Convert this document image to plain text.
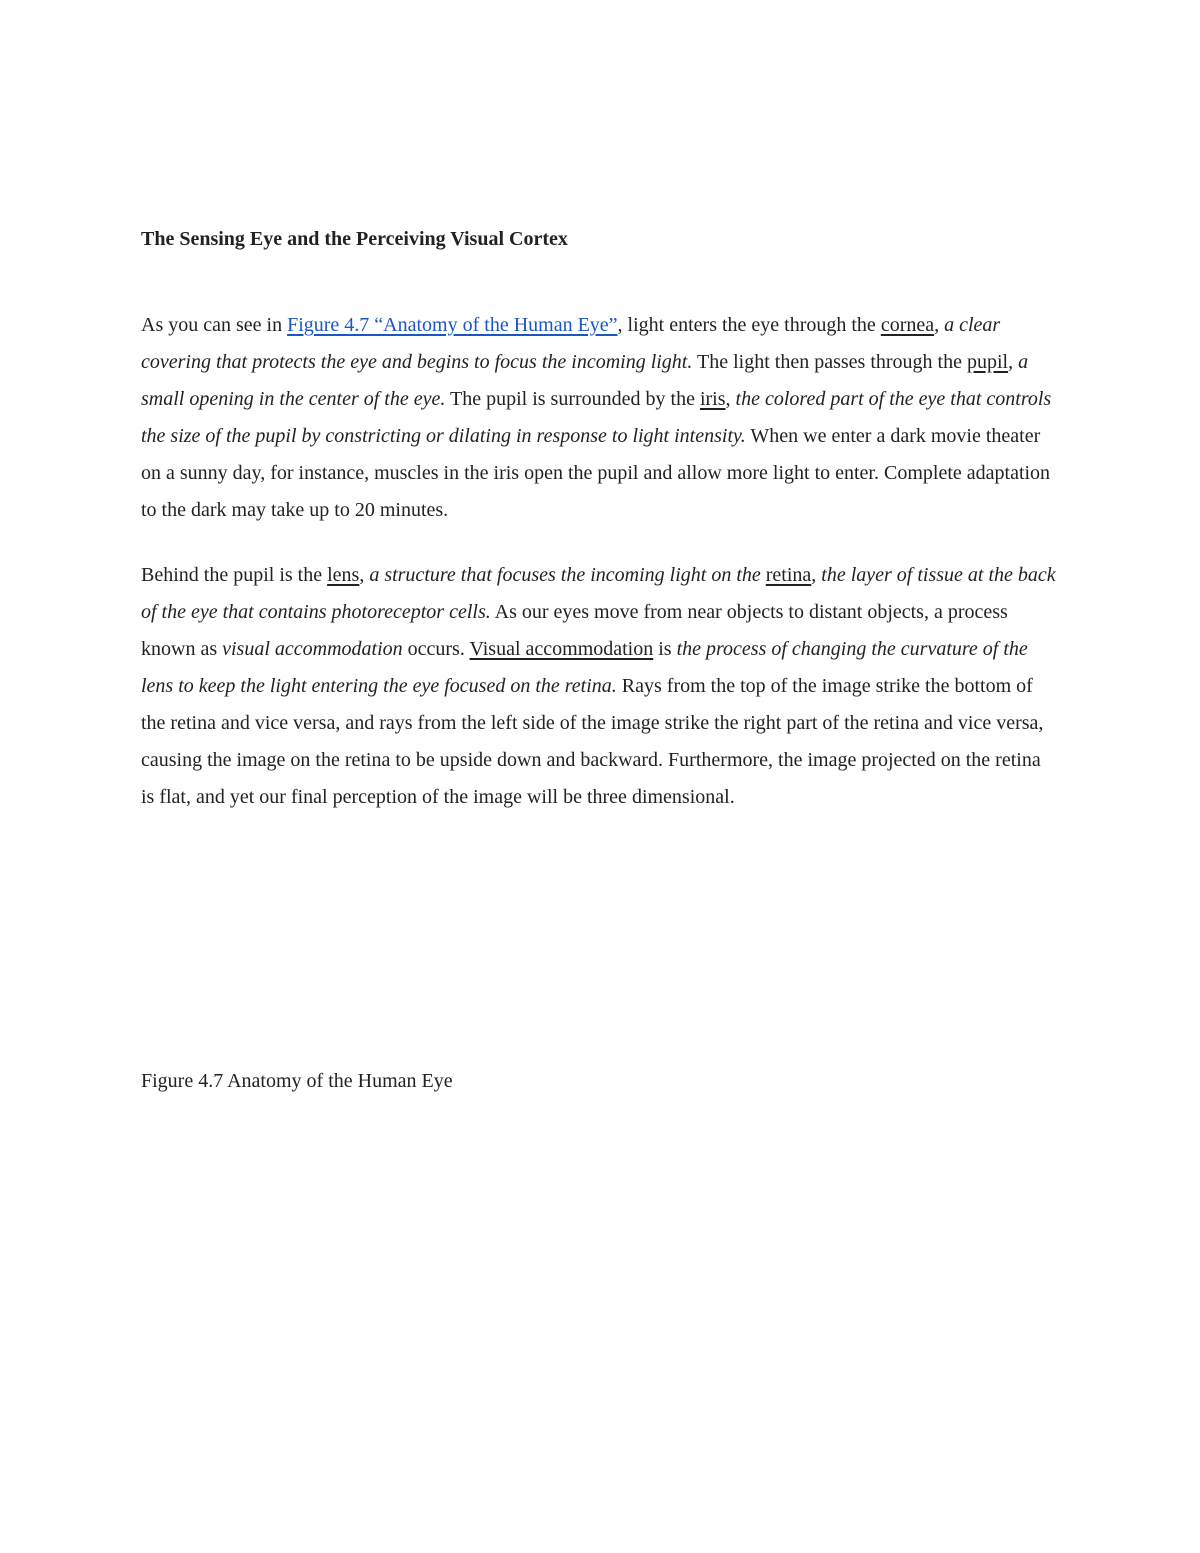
The Sensing Eye and the Perceiving Visual Cortex

As you can see in Figure 4.7 “Anatomy of the Human Eye”, light enters the eye through the cornea, a clear covering that protects the eye and begins to focus the incoming light. The light then passes through the pupil, a small opening in the center of the eye. The pupil is surrounded by the iris, the colored part of the eye that controls the size of the pupil by constricting or dilating in response to light intensity. When we enter a dark movie theater on a sunny day, for instance, muscles in the iris open the pupil and allow more light to enter. Complete adaptation to the dark may take up to 20 minutes.

Behind the pupil is the lens, a structure that focuses the incoming light on the retina, the layer of tissue at the back of the eye that contains photoreceptor cells. As our eyes move from near objects to distant objects, a process known as visual accommodation occurs. Visual accommodation is the process of changing the curvature of the lens to keep the light entering the eye focused on the retina. Rays from the top of the image strike the bottom of the retina and vice versa, and rays from the left side of the image strike the right part of the retina and vice versa, causing the image on the retina to be upside down and backward. Furthermore, the image projected on the retina is flat, and yet our final perception of the image will be three dimensional.

Figure 4.7 Anatomy of the Human Eye
